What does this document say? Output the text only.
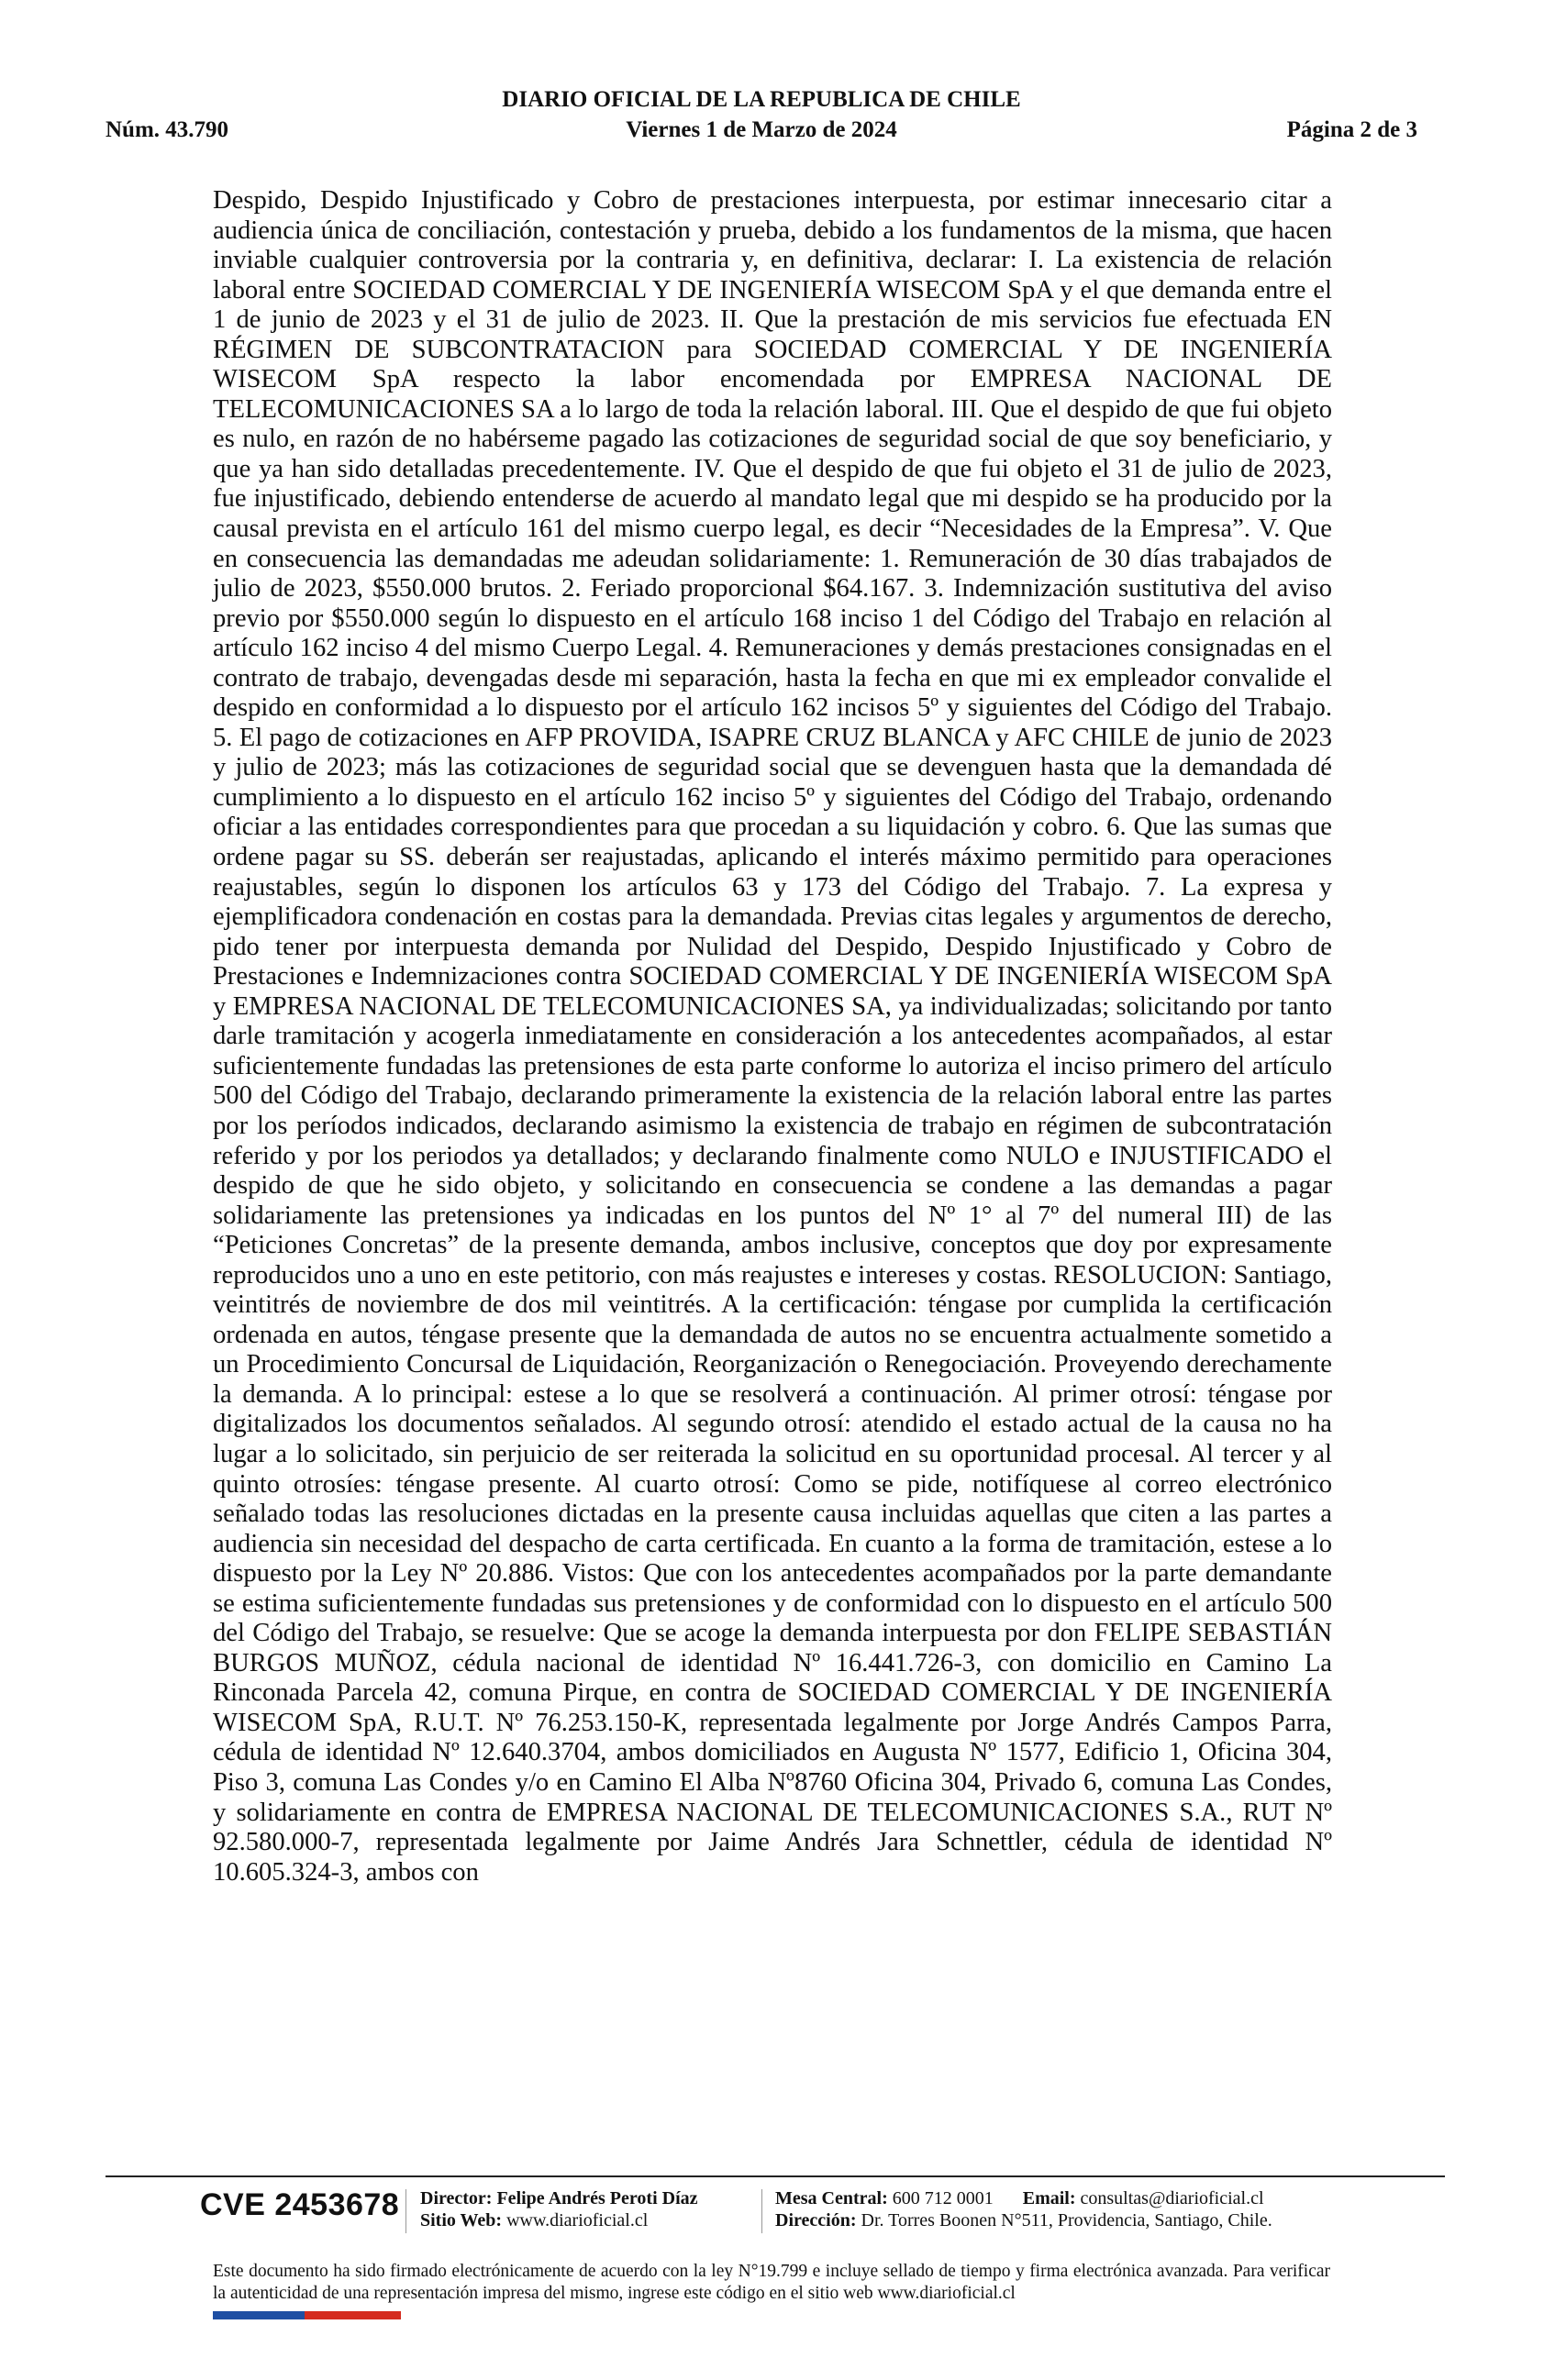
DIARIO OFICIAL DE LA REPUBLICA DE CHILE
Núm. 43.790	Viernes 1 de Marzo de 2024	Página 2 de 3

Despido, Despido Injustificado y Cobro de prestaciones interpuesta, por estimar innecesario citar a audiencia única de conciliación, contestación y prueba, debido a los fundamentos de la misma, que hacen inviable cualquier controversia por la contraria y, en definitiva, declarar: I. La existencia de relación laboral entre SOCIEDAD COMERCIAL Y DE INGENIERÍA WISECOM SpA y el que demanda entre el 1 de junio de 2023 y el 31 de julio de 2023. II. Que la prestación de mis servicios fue efectuada EN RÉGIMEN DE SUBCONTRATACION para SOCIEDAD COMERCIAL Y DE INGENIERÍA WISECOM SpA respecto la labor encomendada por EMPRESA NACIONAL DE TELECOMUNICACIONES SA a lo largo de toda la relación laboral. III. Que el despido de que fui objeto es nulo, en razón de no habérseme pagado las cotizaciones de seguridad social de que soy beneficiario, y que ya han sido detalladas precedentemente. IV. Que el despido de que fui objeto el 31 de julio de 2023, fue injustificado, debiendo entenderse de acuerdo al mandato legal que mi despido se ha producido por la causal prevista en el artículo 161 del mismo cuerpo legal, es decir “Necesidades de la Empresa”. V. Que en consecuencia las demandadas me adeudan solidariamente: 1. Remuneración de 30 días trabajados de julio de 2023, $550.000 brutos. 2. Feriado proporcional $64.167. 3. Indemnización sustitutiva del aviso previo por $550.000 según lo dispuesto en el artículo 168 inciso 1 del Código del Trabajo en relación al artículo 162 inciso 4 del mismo Cuerpo Legal. 4. Remuneraciones y demás prestaciones consignadas en el contrato de trabajo, devengadas desde mi separación, hasta la fecha en que mi ex empleador convalide el despido en conformidad a lo dispuesto por el artículo 162 incisos 5º y siguientes del Código del Trabajo. 5. El pago de cotizaciones en AFP PROVIDA, ISAPRE CRUZ BLANCA y AFC CHILE de junio de 2023 y julio de 2023; más las cotizaciones de seguridad social que se devenguen hasta que la demandada dé cumplimiento a lo dispuesto en el artículo 162 inciso 5º y siguientes del Código del Trabajo, ordenando oficiar a las entidades correspondientes para que procedan a su liquidación y cobro. 6. Que las sumas que ordene pagar su SS. deberán ser reajustadas, aplicando el interés máximo permitido para operaciones reajustables, según lo disponen los artículos 63 y 173 del Código del Trabajo. 7. La expresa y ejemplificadora condenación en costas para la demandada. Previas citas legales y argumentos de derecho, pido tener por interpuesta demanda por Nulidad del Despido, Despido Injustificado y Cobro de Prestaciones e Indemnizaciones contra SOCIEDAD COMERCIAL Y DE INGENIERÍA WISECOM SpA y EMPRESA NACIONAL DE TELECOMUNICACIONES SA, ya individualizadas; solicitando por tanto darle tramitación y acogerla inmediatamente en consideración a los antecedentes acompañados, al estar suficientemente fundadas las pretensiones de esta parte conforme lo autoriza el inciso primero del artículo 500 del Código del Trabajo, declarando primeramente la existencia de la relación laboral entre las partes por los períodos indicados, declarando asimismo la existencia de trabajo en régimen de subcontratación referido y por los periodos ya detallados; y declarando finalmente como NULO e INJUSTIFICADO el despido de que he sido objeto, y solicitando en consecuencia se condene a las demandas a pagar solidariamente las pretensiones ya indicadas en los puntos del Nº 1° al 7º del numeral III) de las “Peticiones Concretas” de la presente demanda, ambos inclusive, conceptos que doy por expresamente reproducidos uno a uno en este petitorio, con más reajustes e intereses y costas. RESOLUCION: Santiago, veintitrés de noviembre de dos mil veintitrés. A la certificación: téngase por cumplida la certificación ordenada en autos, téngase presente que la demandada de autos no se encuentra actualmente sometido a un Procedimiento Concursal de Liquidación, Reorganización o Renegociación. Proveyendo derechamente la demanda. A lo principal: estese a lo que se resolverá a continuación. Al primer otrosí: téngase por digitalizados los documentos señalados. Al segundo otrosí: atendido el estado actual de la causa no ha lugar a lo solicitado, sin perjuicio de ser reiterada la solicitud en su oportunidad procesal. Al tercer y al quinto otrosíes: téngase presente. Al cuarto otrosí: Como se pide, notifíquese al correo electrónico señalado todas las resoluciones dictadas en la presente causa incluidas aquellas que citen a las partes a audiencia sin necesidad del despacho de carta certificada. En cuanto a la forma de tramitación, estese a lo dispuesto por la Ley Nº 20.886. Vistos: Que con los antecedentes acompañados por la parte demandante se estima suficientemente fundadas sus pretensiones y de conformidad con lo dispuesto en el artículo 500 del Código del Trabajo, se resuelve: Que se acoge la demanda interpuesta por don FELIPE SEBASTIÁN BURGOS MUÑOZ, cédula nacional de identidad Nº 16.441.726-3, con domicilio en Camino La Rinconada Parcela 42, comuna Pirque, en contra de SOCIEDAD COMERCIAL Y DE INGENIERÍA WISECOM SpA, R.U.T. Nº 76.253.150-K, representada legalmente por Jorge Andrés Campos Parra, cédula de identidad Nº 12.640.3704, ambos domiciliados en Augusta Nº 1577, Edificio 1, Oficina 304, Piso 3, comuna Las Condes y/o en Camino El Alba Nº8760 Oficina 304, Privado 6, comuna Las Condes, y solidariamente en contra de EMPRESA NACIONAL DE TELECOMUNICACIONES S.A., RUT Nº 92.580.000-7, representada legalmente por Jaime Andrés Jara Schnettler, cédula de identidad Nº 10.605.324-3, ambos con

CVE 2453678 Director: Felipe Andrés Peroti Díaz
Sitio Web: www.diarioficial.cl
Mesa Central: 600 712 0001 Email: consultas@diarioficial.cl
Dirección: Dr. Torres Boonen N°511, Providencia, Santiago, Chile.
Este documento ha sido firmado electrónicamente de acuerdo con la ley N°19.799 e incluye sellado de tiempo y firma electrónica avanzada. Para verificar la autenticidad de una representación impresa del mismo, ingrese este código en el sitio web www.diarioficial.cl
